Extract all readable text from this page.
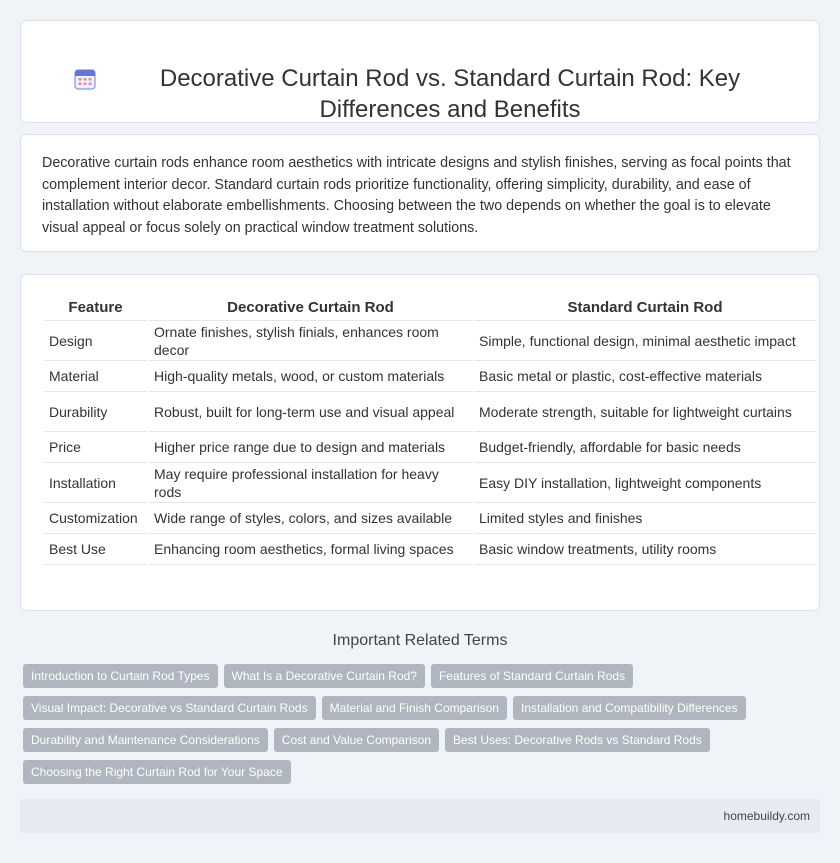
Decorative Curtain Rod vs. Standard Curtain Rod: Key Differences and Benefits

Decorative curtain rods enhance room aesthetics with intricate designs and stylish finishes, serving as focal points that complement interior decor. Standard curtain rods prioritize functionality, offering simplicity, durability, and ease of installation without elaborate embellishments. Choosing between the two depends on whether the goal is to elevate visual appeal or focus solely on practical window treatment solutions.

Feature	Decorative Curtain Rod	Standard Curtain Rod
Design	Ornate finishes, stylish finials, enhances room decor	Simple, functional design, minimal aesthetic impact
Material	High-quality metals, wood, or custom materials	Basic metal or plastic, cost-effective materials
Durability	Robust, built for long-term use and visual appeal	Moderate strength, suitable for lightweight curtains
Price	Higher price range due to design and materials	Budget-friendly, affordable for basic needs
Installation	May require professional installation for heavy rods	Easy DIY installation, lightweight components
Customization	Wide range of styles, colors, and sizes available	Limited styles and finishes
Best Use	Enhancing room aesthetics, formal living spaces	Basic window treatments, utility rooms
Important Related Terms
Introduction to Curtain Rod Types What Is a Decorative Curtain Rod? Features of Standard Curtain Rods
Visual Impact: Decorative vs Standard Curtain Rods Material and Finish Comparison Installation and Compatibility Differences
Durability and Maintenance Considerations Cost and Value Comparison Best Uses: Decorative Rods vs Standard Rods
Choosing the Right Curtain Rod for Your Space
homebuildy.com
